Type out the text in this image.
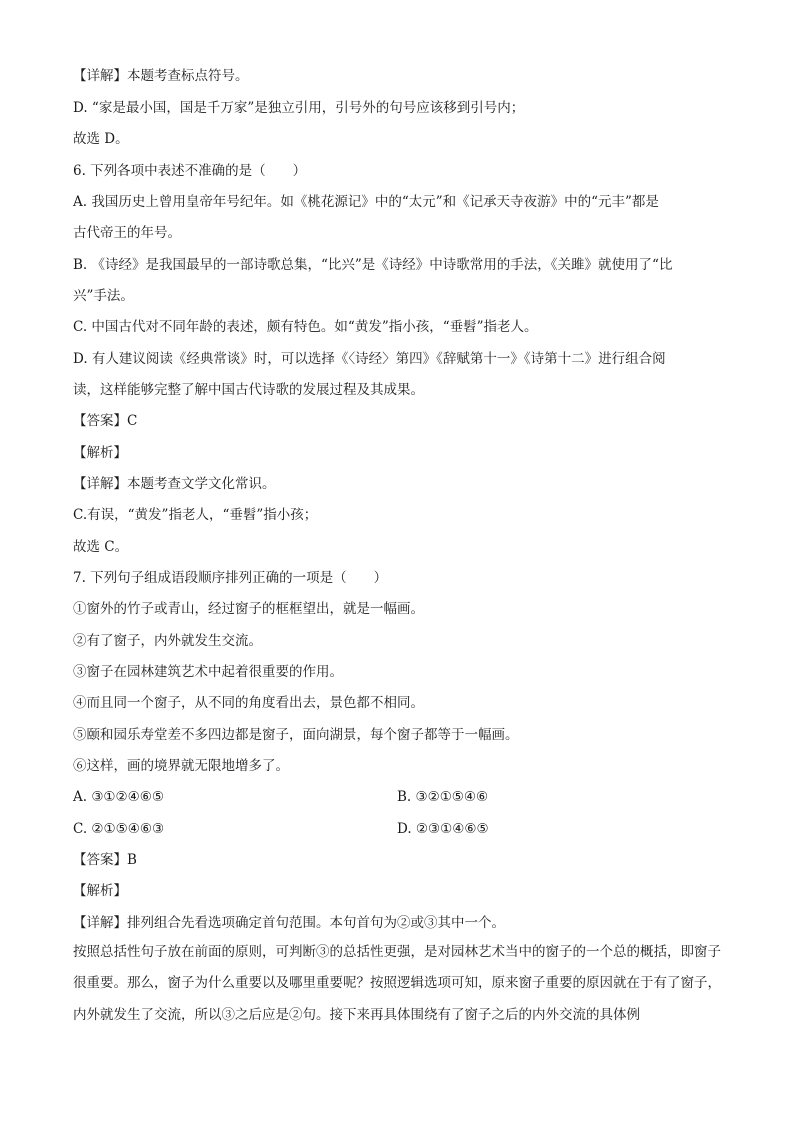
【详解】本题考查标点符号。
D. “家是最小国，国是千万家”是独立引用，引号外的句号应该移到引号内；
故选 D。
6. 下列各项中表述不准确的是（　　）
A. 我国历史上曾用皇帝年号纪年。如《桃花源记》中的“太元”和《记承天寺夜游》中的“元丰”都是
古代帝王的年号。
B. 《诗经》是我国最早的一部诗歌总集，“比兴”是《诗经》中诗歌常用的手法，《关雎》就使用了“比
兴”手法。
C. 中国古代对不同年龄的表述，颇有特色。如“黄发”指小孩，“垂髫”指老人。
D. 有人建议阅读《经典常谈》时，可以选择《〈诗经〉第四》《辞赋第十一》《诗第十二》进行组合阅
读，这样能够完整了解中国古代诗歌的发展过程及其成果。
【答案】C
【解析】
【详解】本题考查文学文化常识。
C.有误，“黄发”指老人，“垂髫”指小孩；
故选 C。
7. 下列句子组成语段顺序排列正确的一项是（　　）
①窗外的竹子或青山，经过窗子的框框望出，就是一幅画。
②有了窗子，内外就发生交流。
③窗子在园林建筑艺术中起着很重要的作用。
④而且同一个窗子，从不同的角度看出去，景色都不相同。
⑤颐和园乐寿堂差不多四边都是窗子，面向湖景，每个窗子都等于一幅画。
⑥这样，画的境界就无限地增多了。
A. ③①②④⑥⑤	B. ③②①⑤④⑥
C. ②①⑤④⑥③	D. ②③①④⑥⑤
【答案】B
【解析】
【详解】排列组合先看选项确定首句范围。本句首句为②或③其中一个。
按照总括性句子放在前面的原则，可判断③的总括性更强，是对园林艺术当中的窗子的一个总的概括，即窗子很重要。那么，窗子为什么重要以及哪里重要呢？按照逻辑选项可知，原来窗子重要的原因就在于有了窗子，内外就发生了交流，所以③之后应是②句。接下来再具体围绕有了窗子之后的内外交流的具体例
